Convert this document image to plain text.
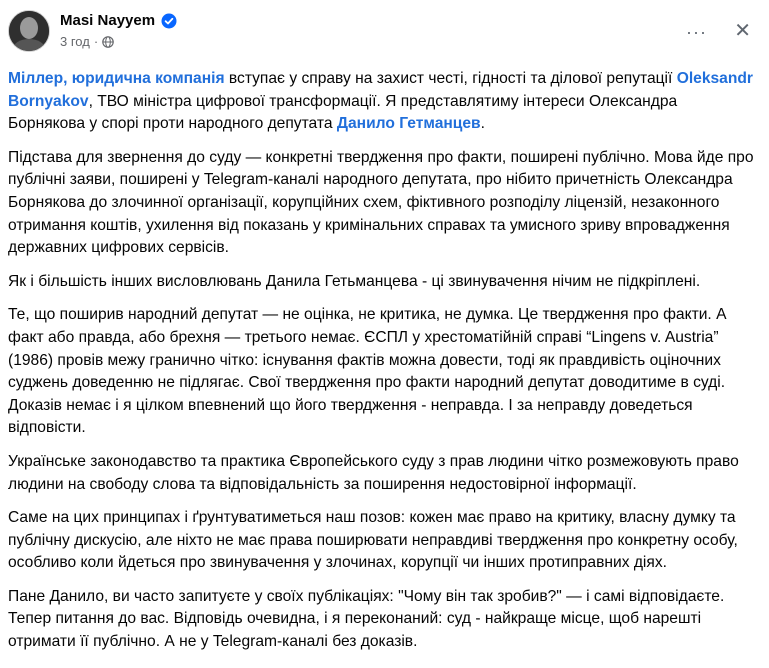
Masi Nayyem
3 год ·	··· ✕

Міллер, юридична компанія вступає у справу на захист честі, гідності та ділової репутації Oleksandr Bornyakov, ТВО міністра цифрової трансформації. Я представлятиму інтереси Олександра Борнякова у спорі проти народного депутата Данило Гетманцев.

Підстава для звернення до суду — конкретні твердження про факти, поширені публічно. Мова йде про публічні заяви, поширені у Telegram-каналі народного депутата, про нібито причетність Олександра Борнякова до злочинної організації, корупційних схем, фіктивного розподілу ліцензій, незаконного отримання коштів, ухилення від показань у кримінальних справах та умисного зриву впровадження державних цифрових сервісів.

Як і більшість інших висловлювань Данила Гетьманцева - ці звинувачення нічим не підкріплені.

Те, що поширив народний депутат — не оцінка, не критика, не думка. Це твердження про факти. А факт або правда, або брехня — третього немає. ЄСПЛ у хрестоматійній справі “Lingens v. Austria” (1986) провів межу гранично чітко: існування фактів можна довести, тоді як правдивість оціночних суджень доведенню не підлягає. Свої твердження про факти народний депутат доводитиме в суді. Доказів немає і я цілком впевнений що його твердження - неправда. І за неправду доведеться відповісти.

Українське законодавство та практика Європейського суду з прав людини чітко розмежовують право людини на свободу слова та відповідальність за поширення недостовірної інформації.

Саме на цих принципах і ґрунтуватиметься наш позов: кожен має право на критику, власну думку та публічну дискусію, але ніхто не має права поширювати неправдиві твердження про конкретну особу, особливо коли йдеться про звинувачення у злочинах, корупції чи інших протиправних діях.

Пане Данило, ви часто запитуєте у своїх публікаціях: "Чому він так зробив?" — і самі відповідаєте. Тепер питання до вас. Відповідь очевидна, і я переконаний: суд - найкраще місце, щоб нарешті отримати її публічно. А не у Telegram-каналі без доказів.
